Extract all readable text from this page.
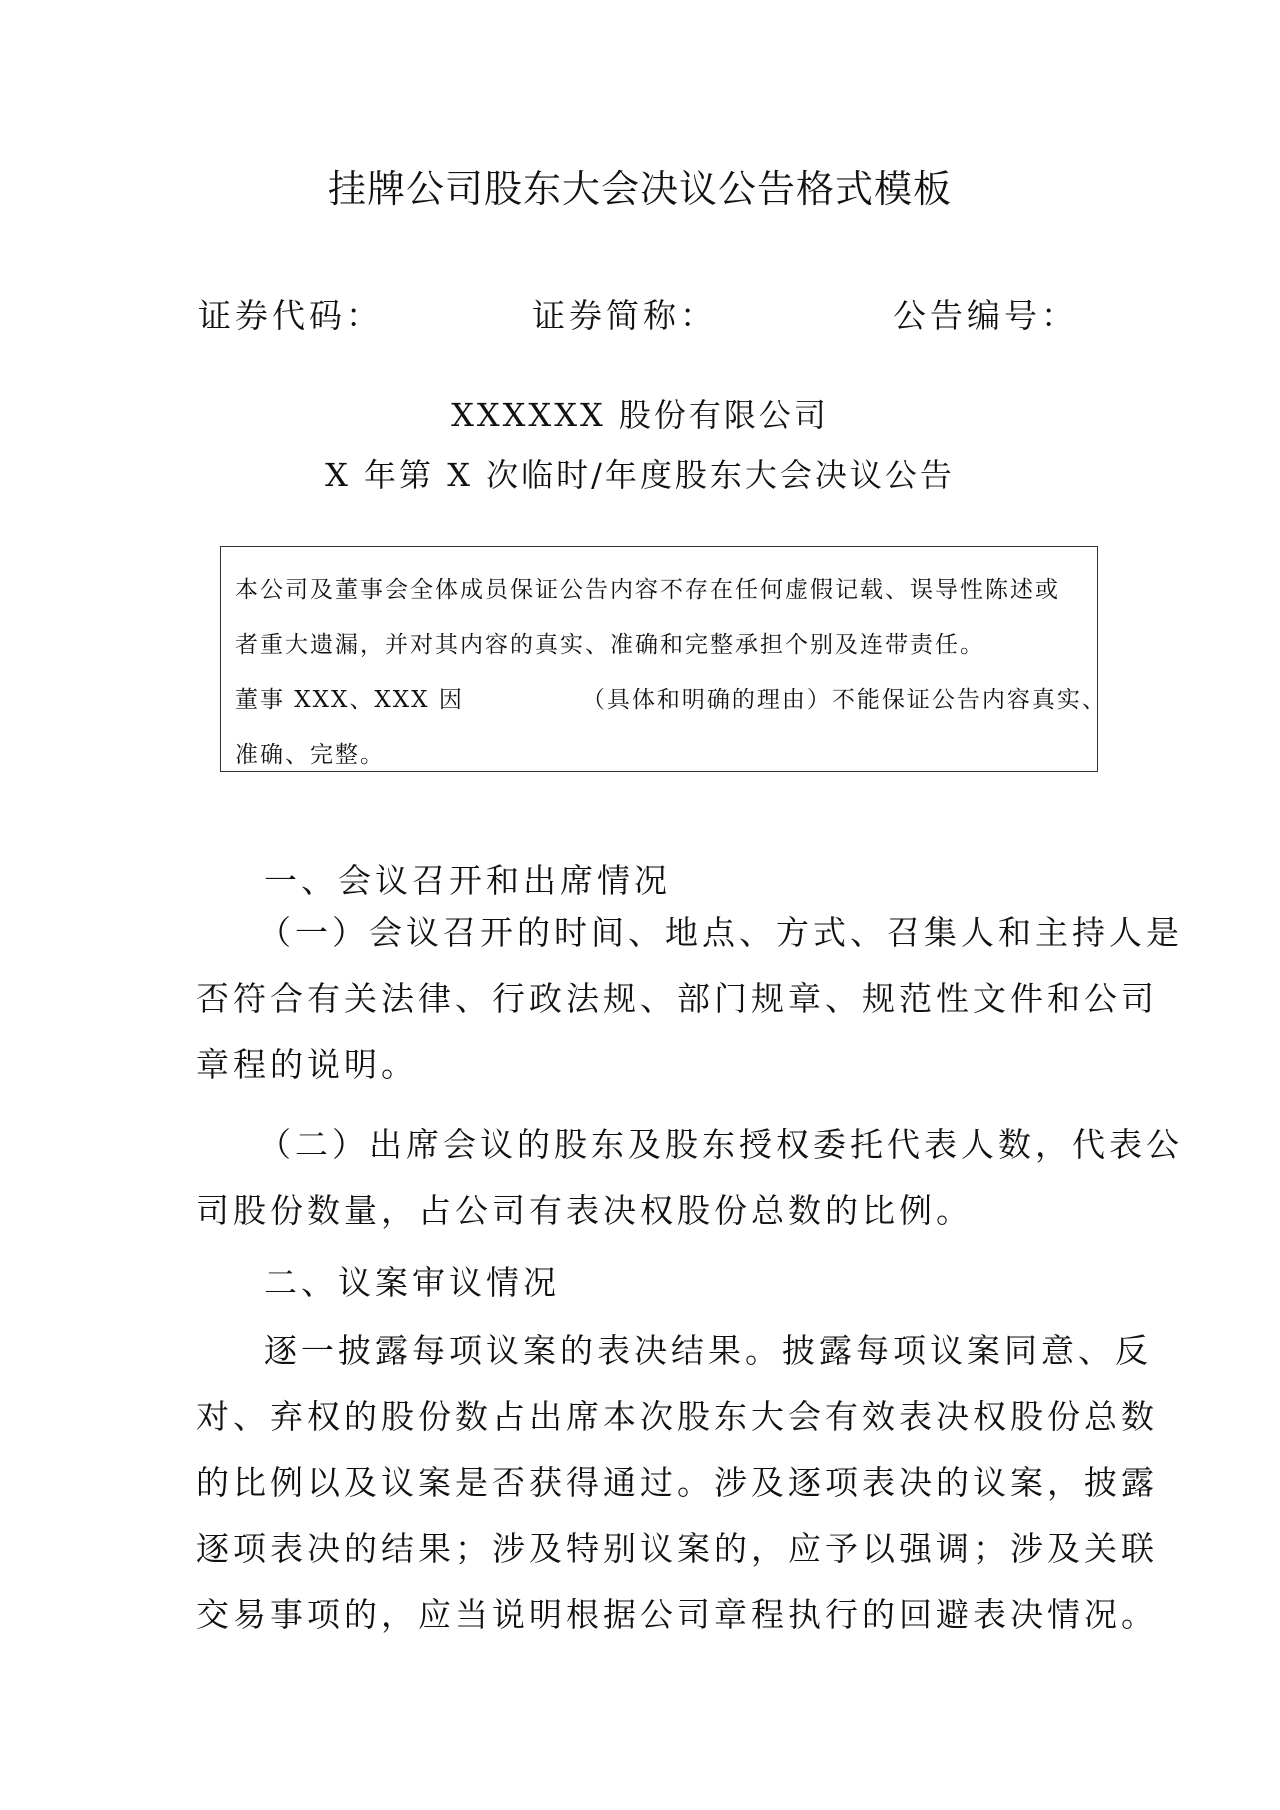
挂牌公司股东大会决议公告格式模板
证券代码：	证券简称：	公告编号：
XXXXXX 股份有限公司
X 年第 X 次临时/年度股东大会决议公告

本公司及董事会全体成员保证公告内容不存在任何虚假记载、误导性陈述或

者重大遗漏，并对其内容的真实、准确和完整承担个别及连带责任。

董事 XXX、XXX 因	（具体和明确的理由）不能保证公告内容真实、

准确、完整。

一、会议召开和出席情况

（一）会议召开的时间、地点、方式、召集人和主持人是

否符合有关法律、行政法规、部门规章、规范性文件和公司

章程的说明。

（二）出席会议的股东及股东授权委托代表人数，代表公

司股份数量，占公司有表决权股份总数的比例。

二、议案审议情况

逐一披露每项议案的表决结果。披露每项议案同意、反

对、弃权的股份数占出席本次股东大会有效表决权股份总数

的比例以及议案是否获得通过。涉及逐项表决的议案，披露

逐项表决的结果；涉及特别议案的，应予以强调；涉及关联

交易事项的，应当说明根据公司章程执行的回避表决情况。
